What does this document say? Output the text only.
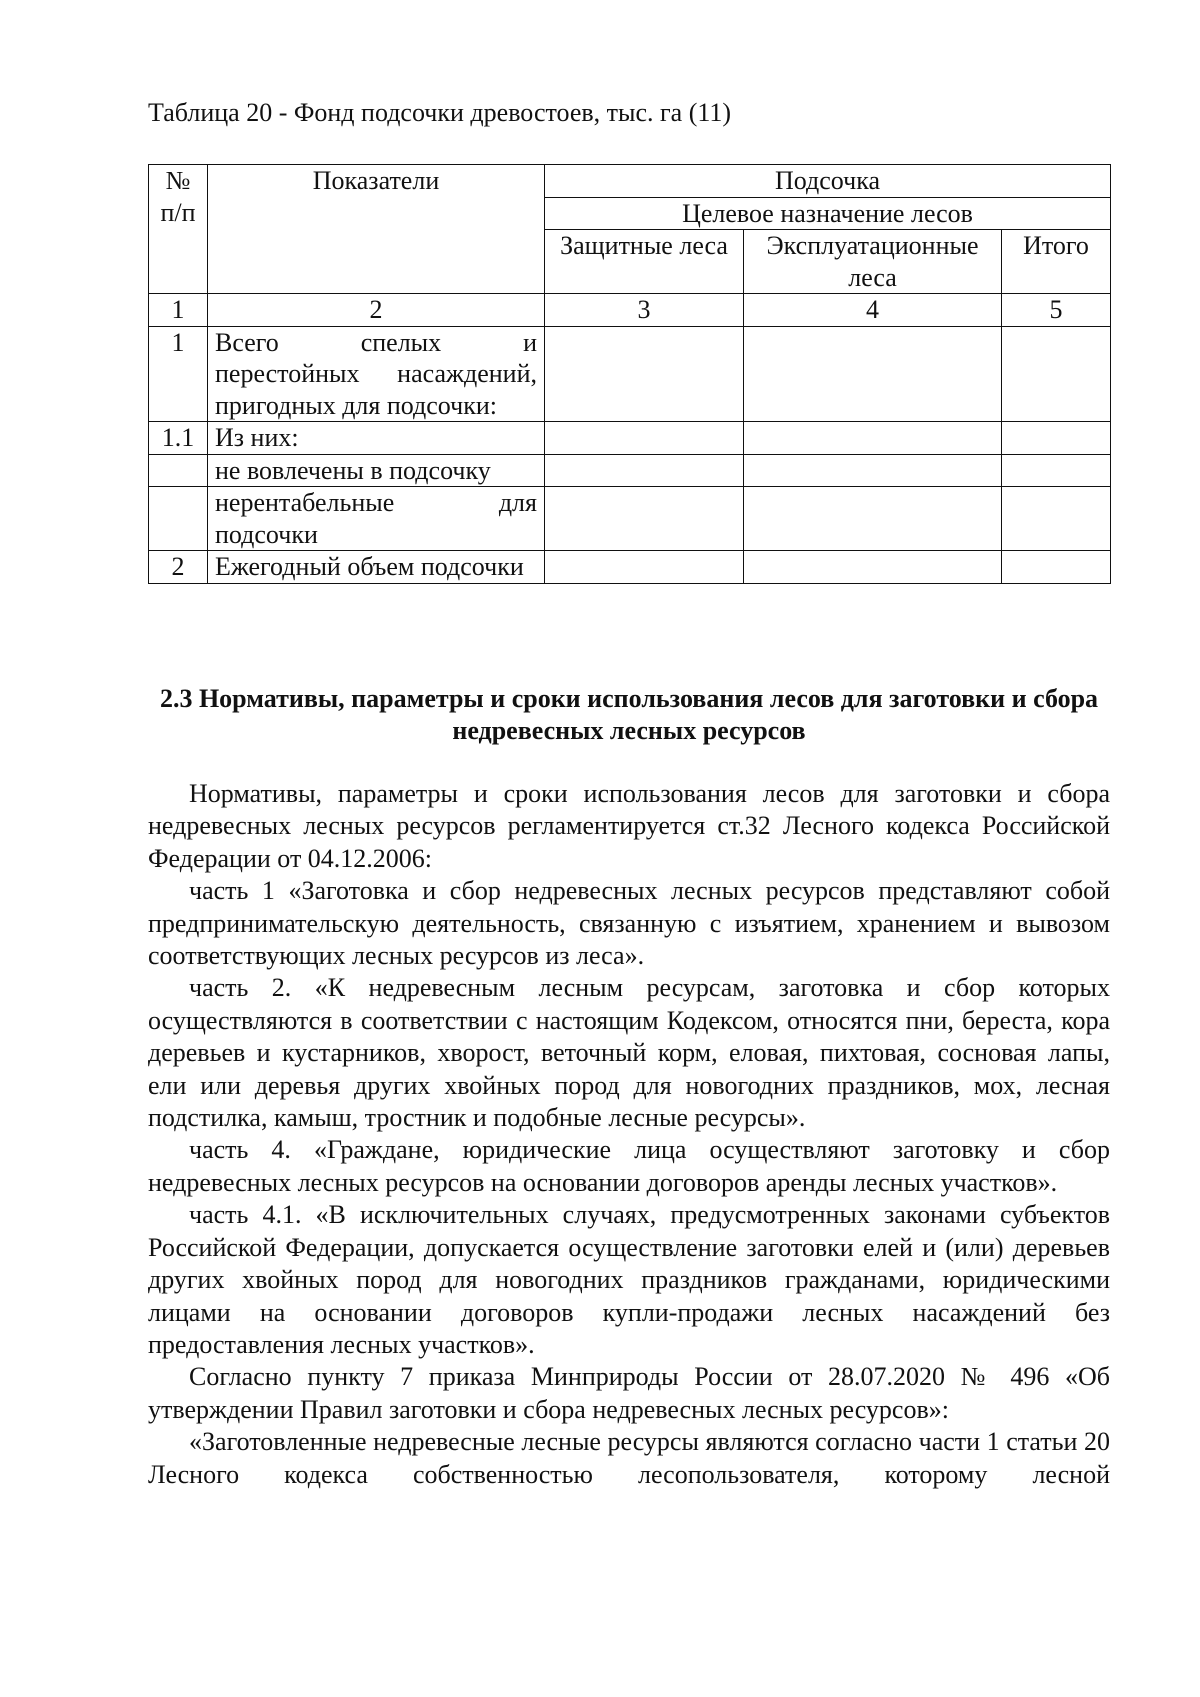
Таблица 20 - Фонд подсочки древостоев, тыс. га (11)
№ п/п	Показатели	Подсочка		
		Целевое назначение лесов		
		Защитные леса	Эксплуатационные леса	Итого
1	2	3	4	5
1	Всего спелых и перестойных насаждений, пригодных для подсочки:			
1.1	Из них:			
	не вовлечены в подсочку			
	нерентабельные для подсочки			
2	Ежегодный объем подсочки			
2.3 Нормативы, параметры и сроки использования лесов для заготовки и сбора недревесных лесных ресурсов

Нормативы, параметры и сроки использования лесов для заготовки и сбора недревесных лесных ресурсов регламентируется ст.32 Лесного кодекса Российской Федерации от 04.12.2006:

часть 1 «Заготовка и сбор недревесных лесных ресурсов представляют собой предпринимательскую деятельность, связанную с изъятием, хранением и вывозом соответствующих лесных ресурсов из леса».

часть 2. «К недревесным лесным ресурсам, заготовка и сбор которых осуществляются в соответствии с настоящим Кодексом, относятся пни, береста, кора деревьев и кустарников, хворост, веточный корм, еловая, пихтовая, сосновая лапы, ели или деревья других хвойных пород для новогодних праздников, мох, лесная подстилка, камыш, тростник и подобные лесные ресурсы».

часть 4. «Граждане, юридические лица осуществляют заготовку и сбор недревесных лесных ресурсов на основании договоров аренды лесных участков».

часть 4.1. «В исключительных случаях, предусмотренных законами субъектов Российской Федерации, допускается осуществление заготовки елей и (или) деревьев других хвойных пород для новогодних праздников гражданами, юридическими лицами на основании договоров купли-продажи лесных насаждений без предоставления лесных участков».

Согласно пункту 7 приказа Минприроды России от 28.07.2020 № 496 «Об утверждении Правил заготовки и сбора недревесных лесных ресурсов»:

«Заготовленные недревесные лесные ресурсы являются согласно части 1 статьи 20 Лесного кодекса собственностью лесопользователя, которому лесной
